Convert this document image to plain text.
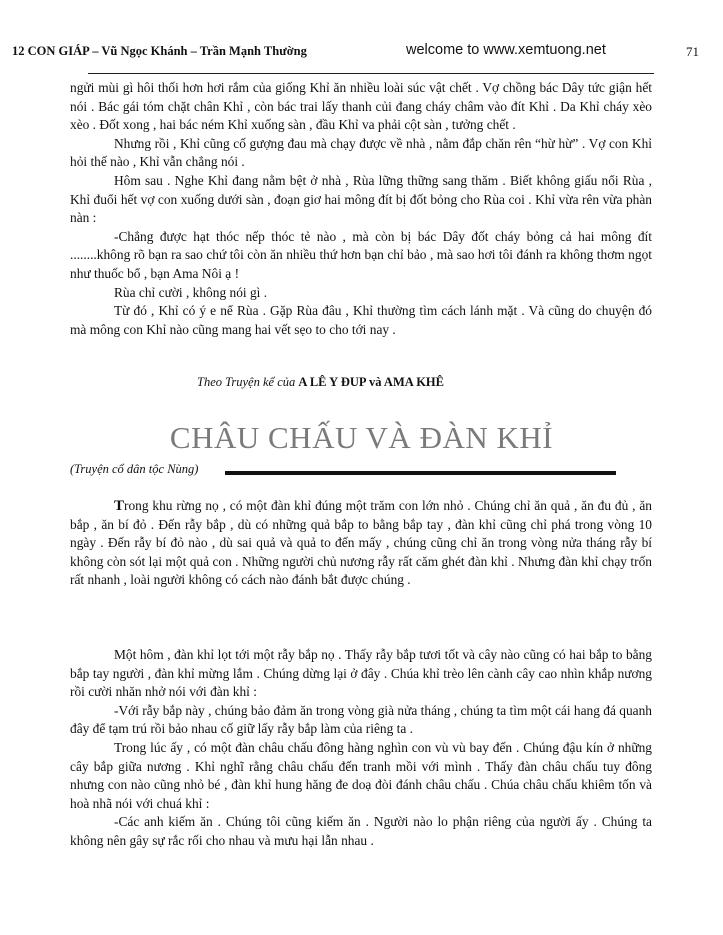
12 CON GIÁP – Vũ Ngọc Khánh – Trần Mạnh Thường	welcome to www.xemtuong.net	71

ngửi mùi gì hôi thối hơn hơi rắm của giống Khỉ ăn nhiều loài súc vật chết . Vợ chồng bác Dây tức giận hết nói . Bác gái tóm chặt chân Khỉ , còn bác trai lấy thanh củi đang cháy châm vào đít Khỉ . Da Khỉ cháy xèo xèo . Đốt xong , hai bác ném Khỉ xuống sàn , đầu Khỉ va phải cột sàn , tưởng chết .

Nhưng rồi , Khỉ cũng cố gượng đau mà chạy được về nhà , nằm đắp chăn rên “hừ hừ” . Vợ con Khỉ hỏi thế nào , Khỉ vẫn chẳng nói .

Hôm sau . Nghe Khỉ đang nằm bệt ở nhà , Rùa lững thững sang thăm . Biết không giấu nổi Rùa , Khỉ đuổi hết vợ con xuống dưới sàn , đoạn giơ hai mông đít bị đốt bỏng cho Rùa coi . Khỉ vừa rên vừa phàn nàn :

-Chẳng được hạt thóc nếp thóc tẻ nào , mà còn bị bác Dây đốt cháy bỏng cả hai mông đít ........không rõ bạn ra sao chứ tôi còn ăn nhiều thứ hơn bạn chỉ bảo , mà sao hơi tôi đánh ra không thơm ngọt như thuốc bổ , bạn Ama Nôi ạ !

Rùa chỉ cười , không nói gì .

Từ đó , Khỉ có ý e nể Rùa . Gặp Rùa đâu , Khỉ thường tìm cách lánh mặt . Và cũng do chuyện đó mà mông con Khỉ nào cũng mang hai vết sẹo to cho tới nay .

Theo Truyện kể của A LÊ Y ĐUP và AMA KHÊ
CHÂU CHẤU VÀ ĐÀN KHỈ
(Truyện cổ dân tộc Nùng)

Trong khu rừng nọ , có một đàn khỉ đúng một trăm con lớn nhỏ . Chúng chỉ ăn quả , ăn đu đủ , ăn bắp , ăn bí đỏ . Đến rẫy bắp , dù có những quả bắp to bằng bắp tay , đàn khỉ cũng chỉ phá trong vòng 10 ngày . Đến rẫy bí đỏ nào , dù sai quả và quả to đến mấy , chúng cũng chỉ ăn trong vòng nửa tháng rẫy bí không còn sót lại một quả con . Những người chủ nương rẫy rất căm ghét đàn khỉ . Nhưng đàn khỉ chạy trốn rất nhanh , loài người không có cách nào đánh bắt được chúng .

Một hôm , đàn khỉ lọt tới một rẫy bắp nọ . Thấy rẫy bắp tươi tốt và cây nào cũng có hai bắp to bằng bắp tay người , đàn khỉ mừng lắm . Chúng dừng lại ở đây . Chúa khỉ trèo lên cành cây cao nhìn khắp nương rồi cười nhăn nhở nói với đàn khỉ :

-Với rẫy bắp này , chúng bảo đảm ăn trong vòng già nửa tháng , chúng ta tìm một cái hang đá quanh đây để tạm trú rồi bảo nhau cố giữ lấy rẫy bắp làm của riêng ta .

Trong lúc ấy , có một đàn châu chấu đông hàng nghìn con vù vù bay đến . Chúng đậu kín ở những cây bắp giữa nương . Khỉ nghĩ rằng châu chấu đến tranh mồi với mình . Thấy đàn châu chấu tuy đông nhưng con nào cũng nhỏ bé , đàn khỉ hung hăng đe doạ đòi đánh châu chấu . Chúa châu chấu khiêm tốn và hoà nhã nói với chuá khỉ :

-Các anh kiếm ăn . Chúng tôi cũng kiếm ăn . Người nào lo phận riêng của người ấy . Chúng ta không nên gây sự rắc rối cho nhau và mưu hại lẫn nhau .
